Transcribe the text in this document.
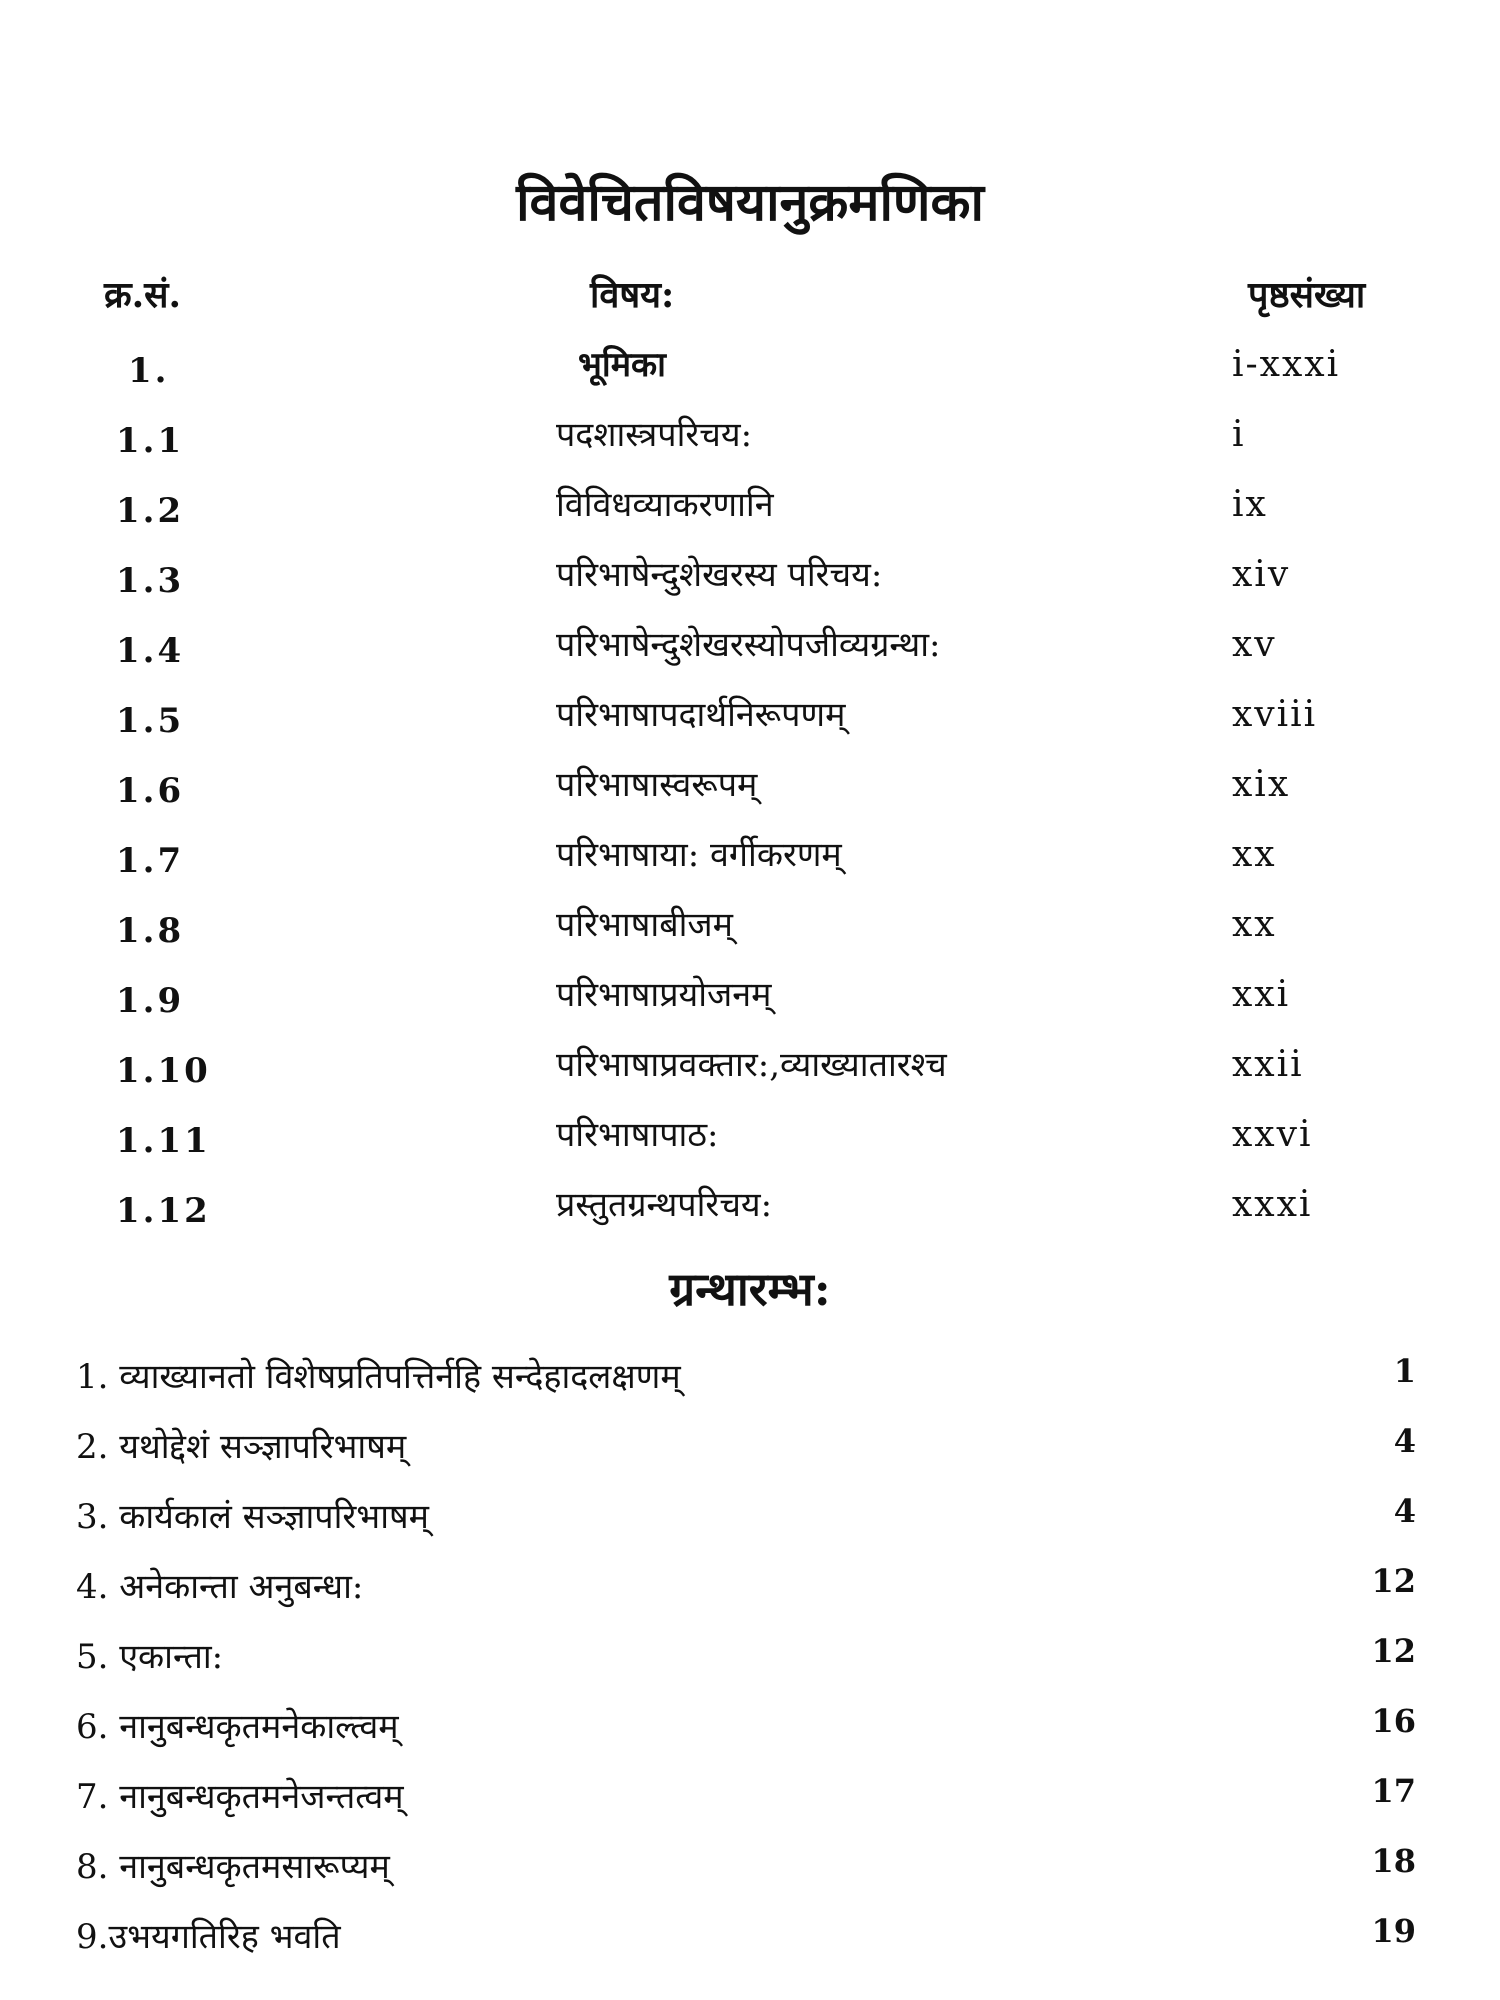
विवेचितविषयानुक्रमणिका
क्र.सं.	विषय:	पृष्ठसंख्या
1.	भूमिका	i-xxxi
1.1	पदशास्त्रपरिचय:	i
1.2	विविधव्याकरणानि	ix
1.3	परिभाषेन्दुशेखरस्य परिचय:	xiv
1.4	परिभाषेन्दुशेखरस्योपजीव्यग्रन्था:	xv
1.5	परिभाषापदार्थनिरूपणम्	xviii
1.6	परिभाषास्वरूपम्	xix
1.7	परिभाषाया: वर्गीकरणम्	xx
1.8	परिभाषाबीजम्	xx
1.9	परिभाषाप्रयोजनम्	xxi
1.10	परिभाषाप्रवक्तार:,व्याख्यातारश्च	xxii
1.11	परिभाषापाठ:	xxvi
1.12	प्रस्तुतग्रन्थपरिचय:	xxxi
ग्रन्थारम्भ:
1. व्याख्यानतो विशेषप्रतिपत्तिर्नहि सन्देहादलक्षणम्	1
2. यथोद्देशं सञ्ज्ञापरिभाषम्	4
3. कार्यकालं सञ्ज्ञापरिभाषम्	4
4. अनेकान्ता अनुबन्धा:	12
5. एकान्ता:	12
6. नानुबन्धकृतमनेकाल्त्वम्	16
7. नानुबन्धकृतमनेजन्तत्वम्	17
8. नानुबन्धकृतमसारूप्यम्	18
9.उभयगतिरिह भवति	19
